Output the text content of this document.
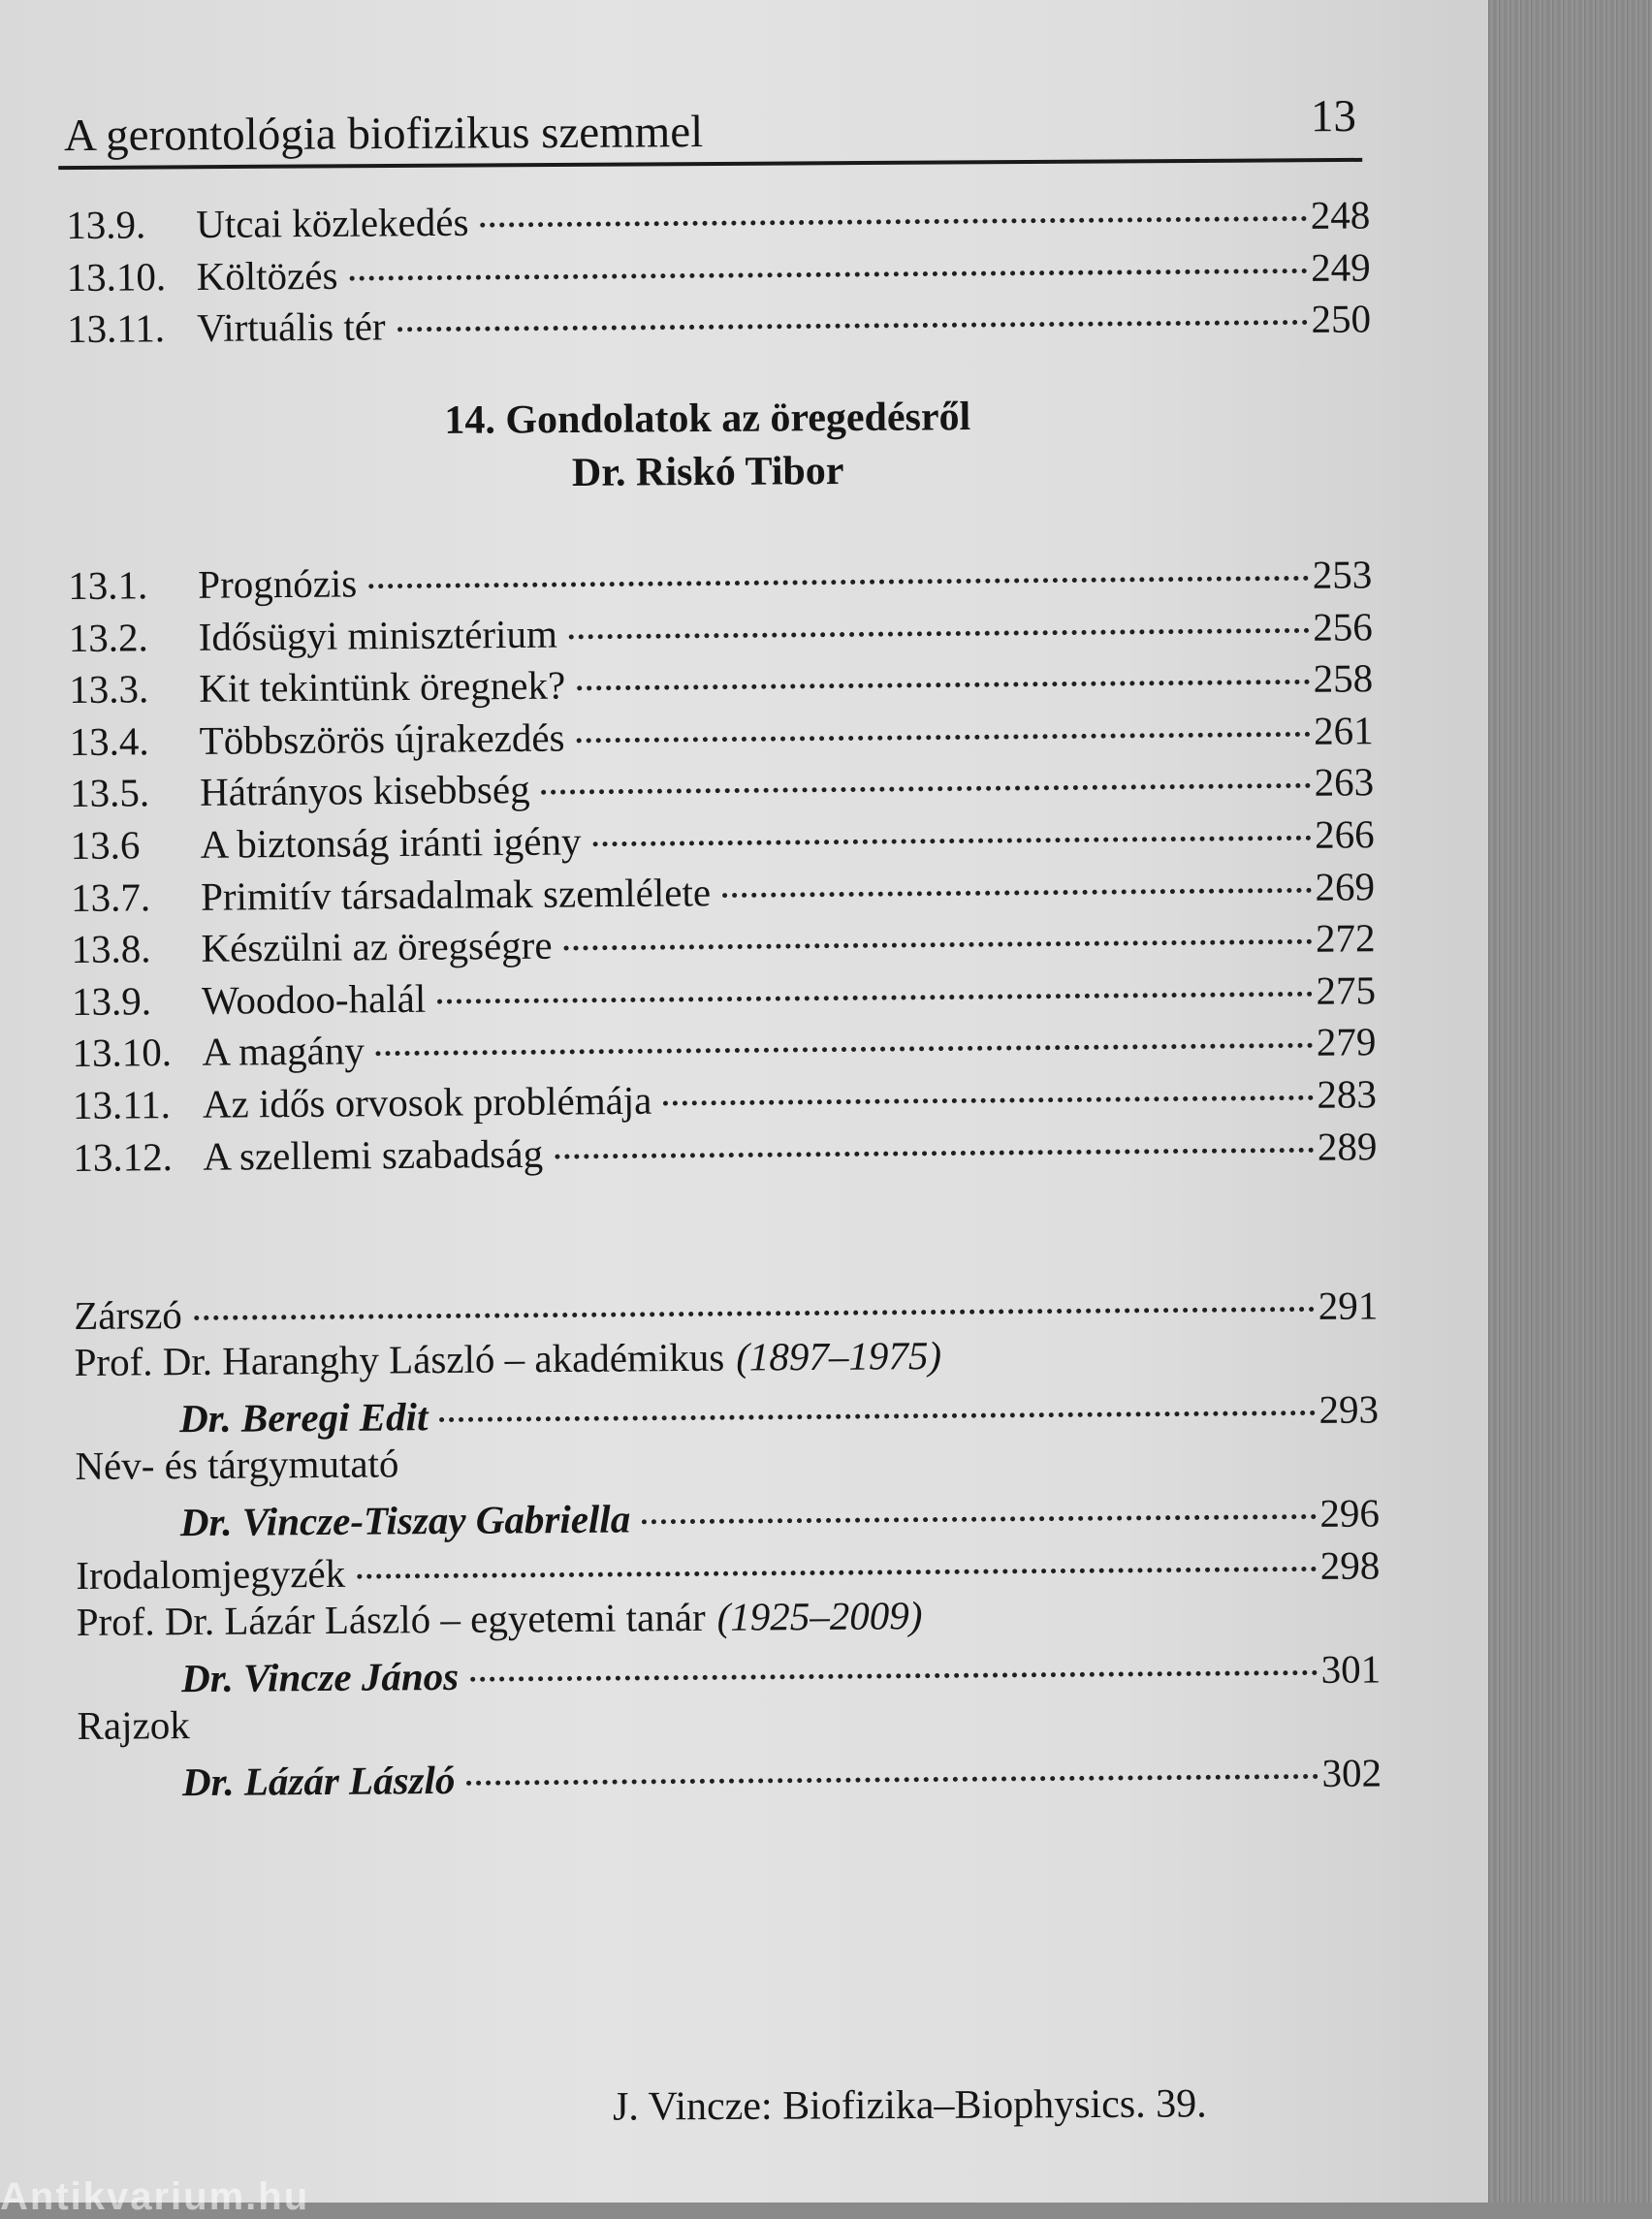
A gerontológia biofizikus szemmel	13
13.9.	Utcai közlekedés	248
13.10. Költözés	249
13.11. Virtuális tér	250
14. Gondolatok az öregedésről
Dr. Riskó Tibor
13.1.	Prognózis	253
13.2.	Idősügyi minisztérium	256
13.3.	Kit tekintünk öregnek?	258
13.4.	Többszörös újrakezdés	261
13.5.	Hátrányos kisebbség	263
13.6	A biztonság iránti igény	266
13.7.	Primitív társadalmak szemlélete	269
13.8.	Készülni az öregségre	272
13.9.	Woodoo-halál	275
13.10. A magány	279
13.11. Az idős orvosok problémája	283
13.12. A szellemi szabadság	289
Zárszó	291
Prof. Dr. Haranghy László – akadémikus (1897–1975)
Dr. Beregi Edit	293
Név- és tárgymutató
Dr. Vincze-Tiszay Gabriella	296
Irodalomjegyzék	298
Prof. Dr. Lázár László – egyetemi tanár (1925–2009)
Dr. Vincze János	301
Rajzok
Dr. Lázár László	302
J. Vincze: Biofizika–Biophysics. 39.
Antikvarium.hu
